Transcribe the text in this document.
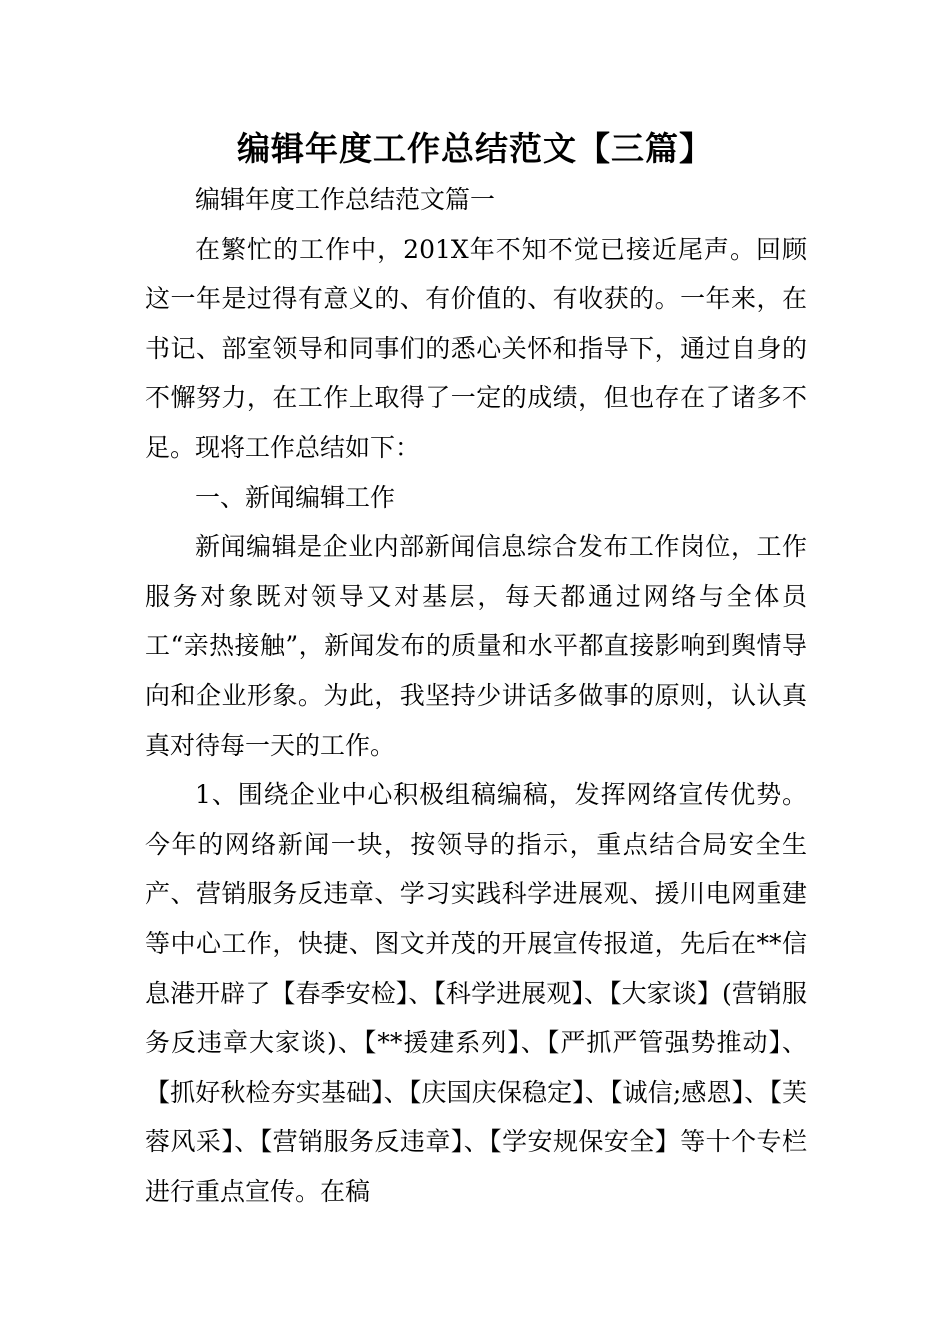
编辑年度工作总结范文【三篇】

编辑年度工作总结范文篇一

在繁忙的工作中，201X年不知不觉已接近尾声。回顾这一年是过得有意义的、有价值的、有收获的。一年来，在书记、部室领导和同事们的悉心关怀和指导下，通过自身的不懈努力，在工作上取得了一定的成绩，但也存在了诸多不足。现将工作总结如下：

一、新闻编辑工作

新闻编辑是企业内部新闻信息综合发布工作岗位，工作服务对象既对领导又对基层，每天都通过网络与全体员工“亲热接触”，新闻发布的质量和水平都直接影响到舆情导向和企业形象。为此，我坚持少讲话多做事的原则，认认真真对待每一天的工作。

1、围绕企业中心积极组稿编稿，发挥网络宣传优势。今年的网络新闻一块，按领导的指示，重点结合局安全生产、营销服务反违章、学习实践科学进展观、援川电网重建等中心工作，快捷、图文并茂的开展宣传报道，先后在**信息港开辟了【春季安检】、【科学进展观】、【大家谈】(营销服务反违章大家谈)、【**援建系列】、【严抓严管强势推动】、【抓好秋检夯实基础】、【庆国庆保稳定】、【诚信;感恩】、【芙蓉风采】、【营销服务反违章】、【学安规保安全】等十个专栏进行重点宣传。在稿
